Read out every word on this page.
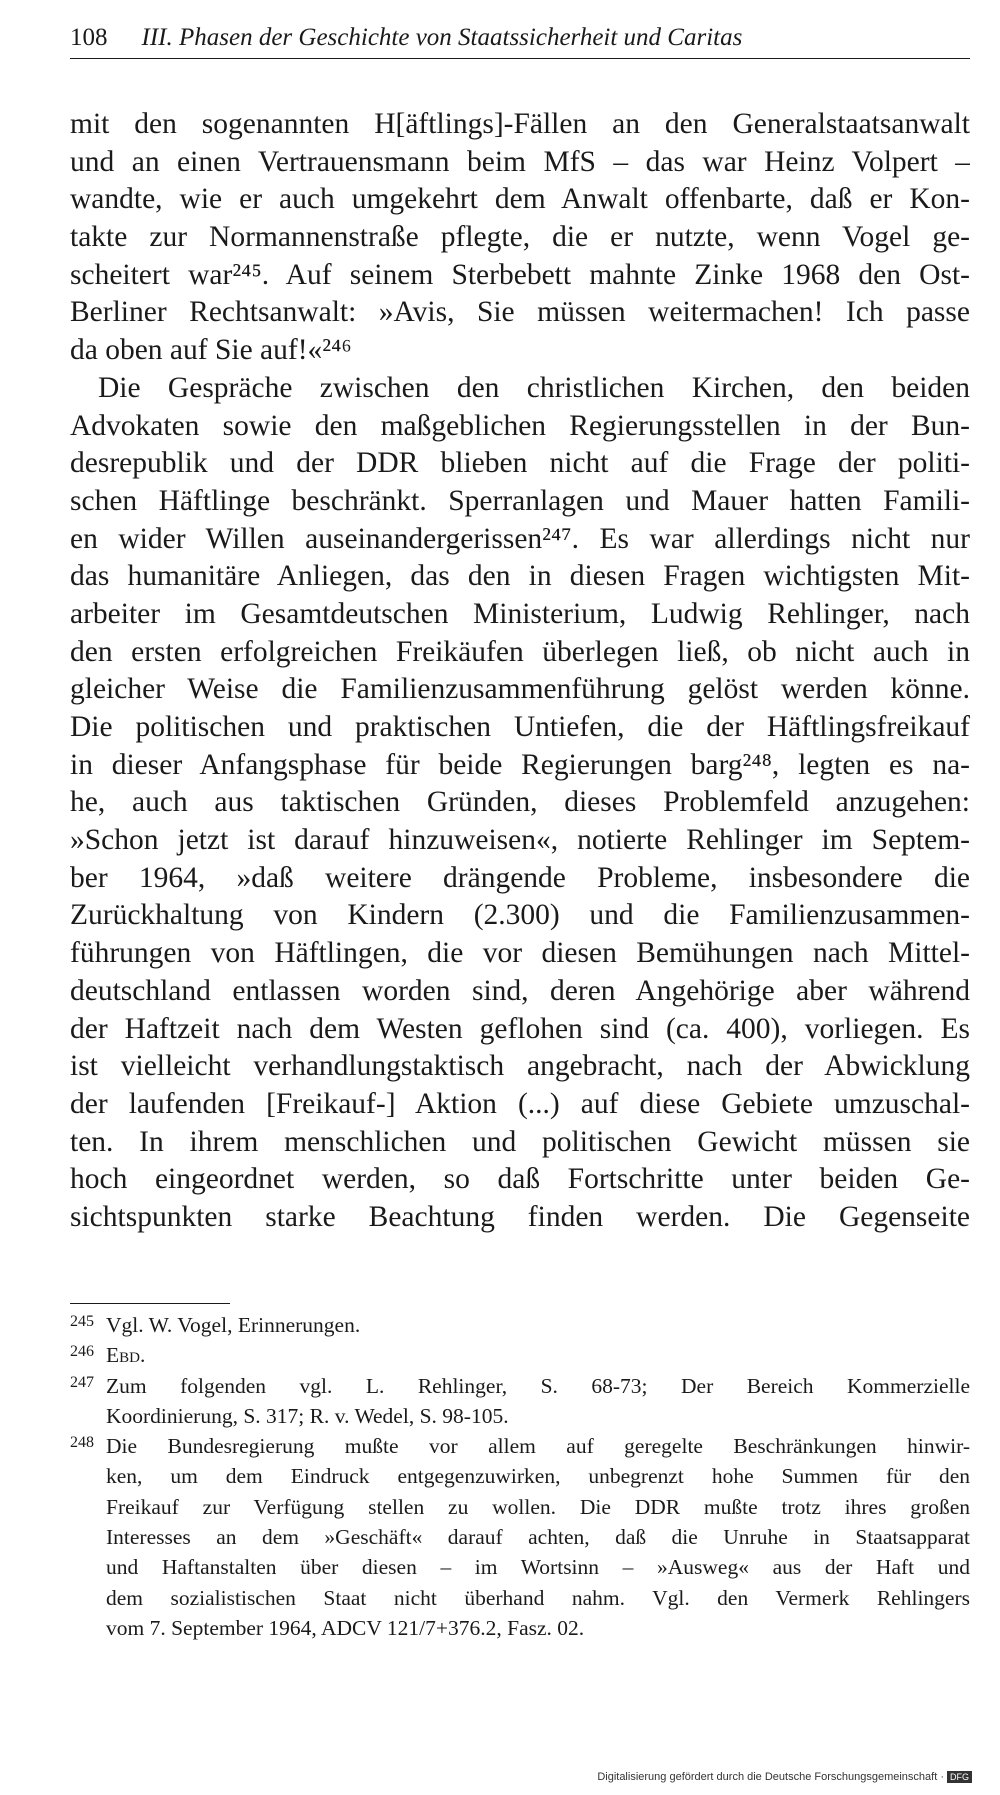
108 III. Phasen der Geschichte von Staatssicherheit und Caritas
mit den sogenannten H[äftlings]-Fällen an den Generalstaatsanwalt
und an einen Vertrauensmann beim MfS – das war Heinz Volpert –
wandte, wie er auch umgekehrt dem Anwalt offenbarte, daß er Kon-
takte zur Normannenstraße pflegte, die er nutzte, wenn Vogel ge-
scheitert war²⁴⁵. Auf seinem Sterbebett mahnte Zinke 1968 den Ost-
Berliner Rechtsanwalt: »Avis, Sie müssen weitermachen! Ich passe
da oben auf Sie auf!«²⁴⁶
Die Gespräche zwischen den christlichen Kirchen, den beiden
Advokaten sowie den maßgeblichen Regierungsstellen in der Bun-
desrepublik und der DDR blieben nicht auf die Frage der politi-
schen Häftlinge beschränkt. Sperranlagen und Mauer hatten Famili-
en wider Willen auseinandergerissen²⁴⁷. Es war allerdings nicht nur
das humanitäre Anliegen, das den in diesen Fragen wichtigsten Mit-
arbeiter im Gesamtdeutschen Ministerium, Ludwig Rehlinger, nach
den ersten erfolgreichen Freikäufen überlegen ließ, ob nicht auch in
gleicher Weise die Familienzusammenführung gelöst werden könne.
Die politischen und praktischen Untiefen, die der Häftlingsfreikauf
in dieser Anfangsphase für beide Regierungen barg²⁴⁸, legten es na-
he, auch aus taktischen Gründen, dieses Problemfeld anzugehen:
»Schon jetzt ist darauf hinzuweisen«, notierte Rehlinger im Septem-
ber 1964, »daß weitere drängende Probleme, insbesondere die
Zurückhaltung von Kindern (2.300) und die Familienzusammen-
führungen von Häftlingen, die vor diesen Bemühungen nach Mittel-
deutschland entlassen worden sind, deren Angehörige aber während
der Haftzeit nach dem Westen geflohen sind (ca. 400), vorliegen. Es
ist vielleicht verhandlungstaktisch angebracht, nach der Abwicklung
der laufenden [Freikauf-] Aktion (...) auf diese Gebiete umzuschal-
ten. In ihrem menschlichen und politischen Gewicht müssen sie
hoch eingeordnet werden, so daß Fortschritte unter beiden Ge-
sichtspunkten starke Beachtung finden werden. Die Gegenseite
245 Vgl. W. Vogel, Erinnerungen.
246 Ebd.
247 Zum folgenden vgl. L. Rehlinger, S. 68-73; Der Bereich Kommerzielle
Koordinierung, S. 317; R. v. Wedel, S. 98-105.
248 Die Bundesregierung mußte vor allem auf geregelte Beschränkungen hinwir-
ken, um dem Eindruck entgegenzuwirken, unbegrenzt hohe Summen für den
Freikauf zur Verfügung stellen zu wollen. Die DDR mußte trotz ihres großen
Interesses an dem »Geschäft« darauf achten, daß die Unruhe in Staatsapparat
und Haftanstalten über diesen – im Wortsinn – »Ausweg« aus der Haft und
dem sozialistischen Staat nicht überhand nahm. Vgl. den Vermerk Rehlingers
vom 7. September 1964, ADCV 121/7+376.2, Fasz. 02.
Digitalisierung gefördert durch die Deutsche Forschungsgemeinschaft · DFG
